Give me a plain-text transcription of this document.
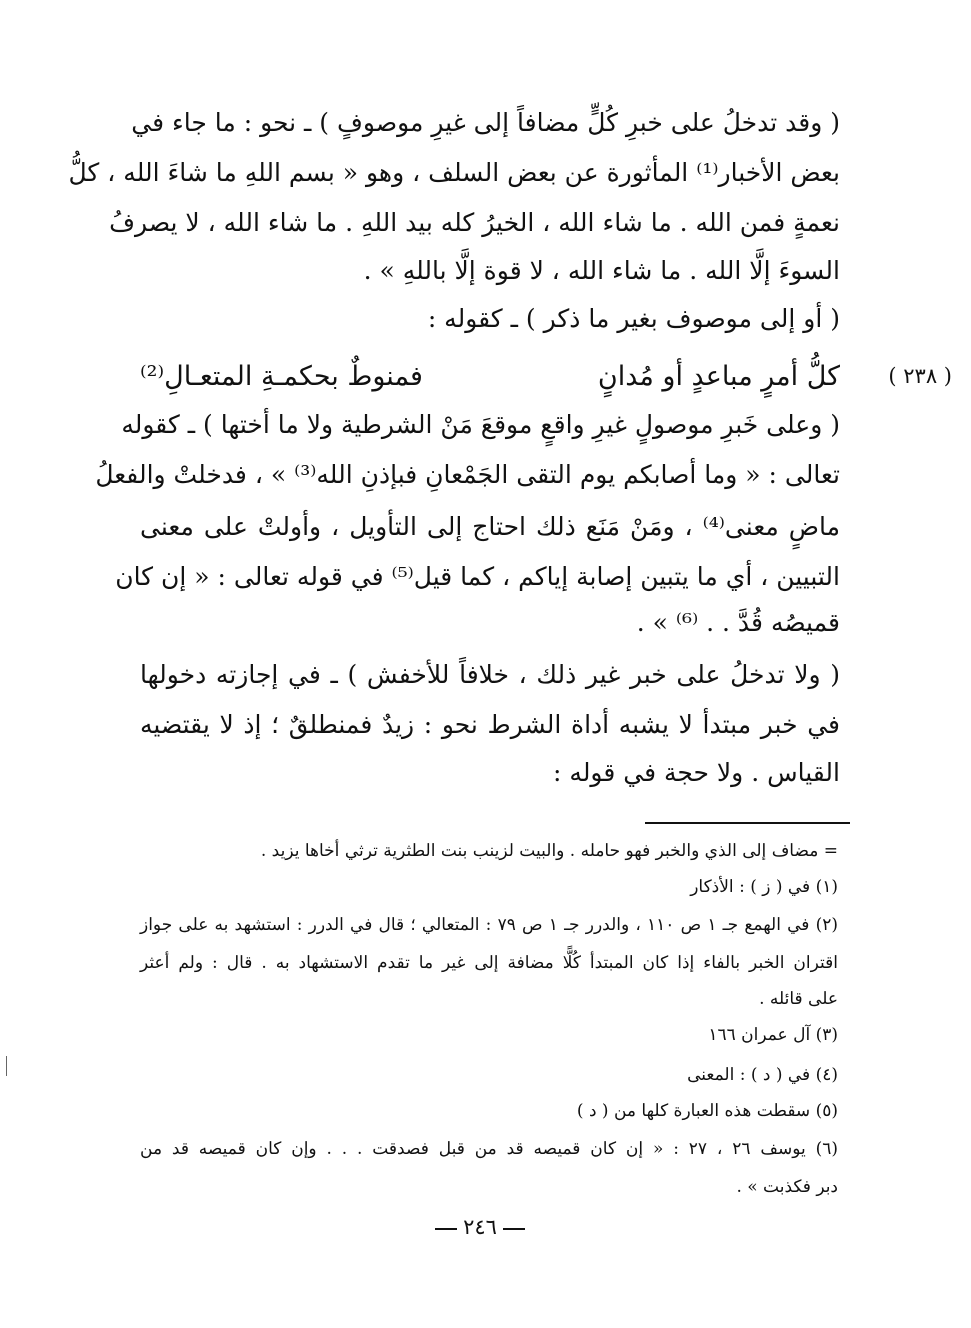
( وقد تدخلُ على خبرِ كُلٍّ مضافاً إلى غيرِ موصوفٍ ) ـ نحو : ما جاء في
بعض الأخبار⁽¹⁾ المأثورة عن بعض السلف ، وهو « بسم اللهِ ما شاءَ الله ، كلُّ
نعمةٍ فمن الله . ما شاء الله ، الخيرُ كله بيد اللهِ . ما شاء الله ، لا يصرفُ
السوءَ إلَّا الله . ما شاء الله ، لا قوة إلَّا باللهِ » .
( أو إلى موصوف بغير ما ذكر ) ـ كقوله :
( وعلى خَبرِ موصولٍ غيرِ واقعٍ موقعَ مَنْ الشرطية ولا ما أختها ) ـ كقوله
تعالى : « وما أصابكم يوم التقى الجَمْعانِ فبإذنِ الله⁽³⁾ » ، فدخلتْ والفعلُ
ماضٍ معنى⁽⁴⁾ ، ومَنْ مَنَع ذلك احتاج إلى التأويل ، وأولتْ على معنى
التبيين ، أي ما يتبين إصابة إياكم ، كما قيل⁽⁵⁾ في قوله تعالى : « إن كان
قميصُه قُدَّ . . ⁽⁶⁾ » .
( ولا تدخلُ على خبر غير ذلك ، خلافاً للأخفش ) ـ في إجازته دخولها
في خبر مبتدأ لا يشبه أداة الشرط نحو : زيدٌ فمنطلقٌ ؛ إذ لا يقتضيه
القياس . ولا حجة في قوله :
( ٢٣٨ )
كلُّ أمرٍ مباعدٍ أو مُدانٍ
فمنوطٌ بحكمـةِ المتعـالِ⁽²⁾
= مضاف إلى الذي والخبر فهو حامله . والبيت لزينب بنت الطثرية ترثي أخاها يزيد .
(١) في ( ز ) : الأذكار
(٢) في الهمع جـ ١ ص ١١٠ ، والدرر جـ ١ ص ٧٩ : المتعالي ؛ قال في الدرر : استشهد به على جواز
اقتران الخبر بالفاء إذا كان المبتدأ كُلًّا مضافة إلى غير ما تقدم الاستشهاد به . قال : ولم أعثر
على قائله .
(٣) آل عمران ١٦٦
(٤) في ( د ) : المعنى
(٥) سقطت هذه العبارة كلها من ( د )
(٦) يوسف ٢٦ ، ٢٧ : « إن كان قميصه قد من قبل فصدقت . . . وإن كان قميصه قد من
دبر فكذبت » .
٢٤٦
